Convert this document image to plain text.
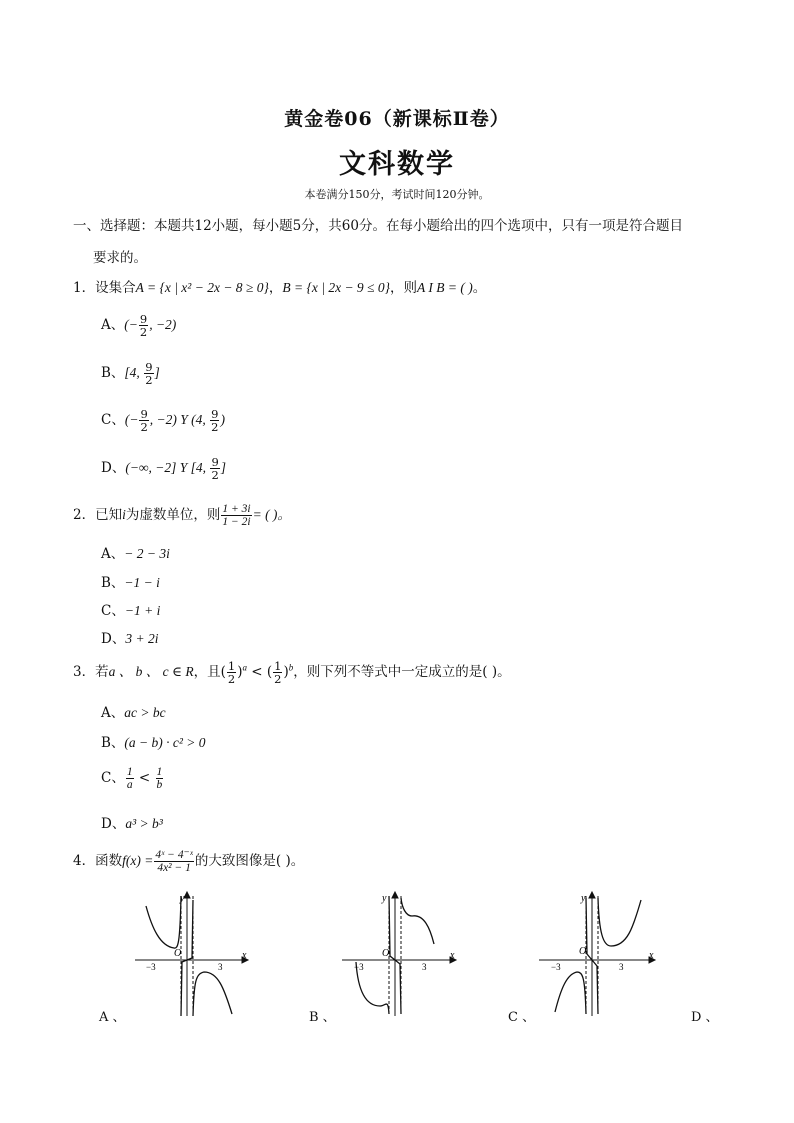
黄金卷06（新课标Ⅱ卷）
文科数学
本卷满分150分，考试时间120分钟。
一、选择题：本题共12小题，每小题5分，共60分。在每小题给出的四个选项中，只有一项是符合题目
要求的。
1．设集合A = {x | x² − 2x − 8 ≥ 0}，B = {x | 2x − 9 ≤ 0}，则A I B = ( )。
A、(− $\frac{9}{2}$ , −2)
B、[4, $\frac{9}{2}$ ]
C、(− $\frac{9}{2}$ , −2) Y (4, $\frac{9}{2}$ )
D、(−∞, −2] Y [4, $\frac{9}{2}$ ]
2．已知i为虚数单位，则 $\frac{1 + 3i}{1 - 2i}$ = ( )。
A、− 2 − 3i
B、−1 − i
C、−1 + i
D、3 + 2i
3．若a 、 b 、 c ∈ R，且( $\frac{1}{2} )^a$ < ( $\frac{1}{2} )^b$，则下列不等式中一定成立的是( )。
A、ac > bc
B、(a − b) · c² > 0
C、 $\frac{1}{a} < \frac{1}{b}$
D、a³ > b³
4．函数$f(x) = \frac{\text{4ˣ − 4⁻ˣ}}{\text{4x² − 1}}$ 的大致图像是( )。
A 、	B 、	C 、	D 、
y
x
O
−3	3
y
x
O
−3	3
y
x
O
−3	3
